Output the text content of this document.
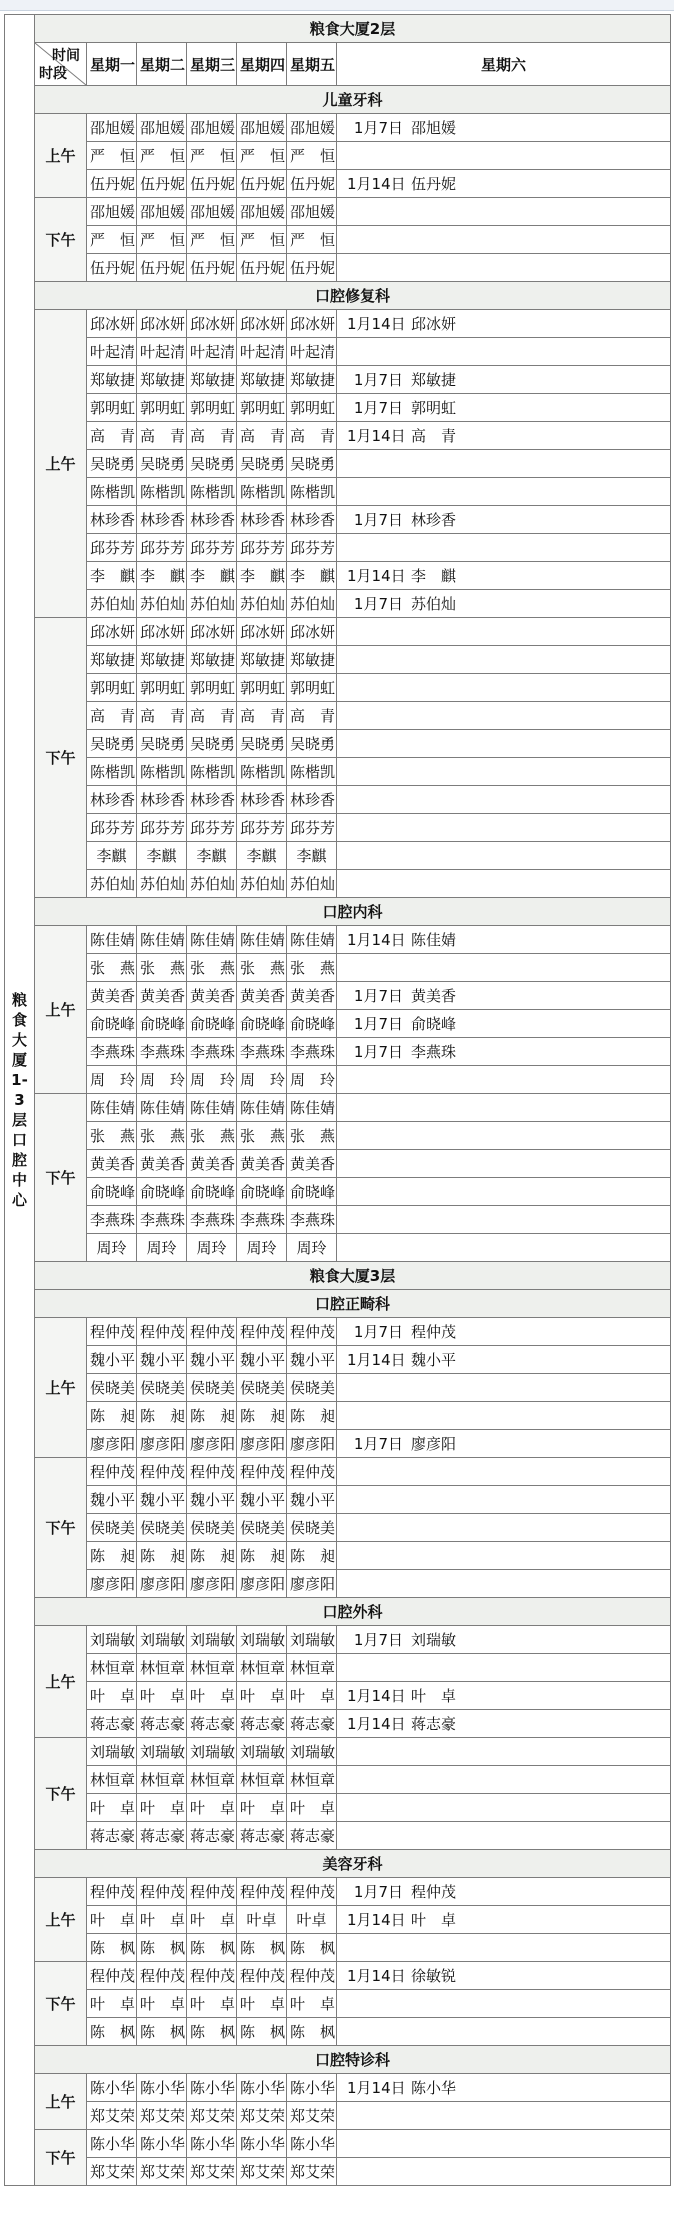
粮食大厦1-3层口腔中心	粮食大厦2层						

	时间
时段	星期一	星期二	星期三	星期四	星期五	星期六
	儿童牙科						
	上午	邵旭媛	邵旭媛	邵旭媛	邵旭媛	邵旭媛	1月7日 邵旭媛
		严　恒	严　恒	严　恒	严　恒	严　恒	
		伍丹妮	伍丹妮	伍丹妮	伍丹妮	伍丹妮	1月14日 伍丹妮
	下午	邵旭媛	邵旭媛	邵旭媛	邵旭媛	邵旭媛	
		严　恒	严　恒	严　恒	严　恒	严　恒	
		伍丹妮	伍丹妮	伍丹妮	伍丹妮	伍丹妮	
	口腔修复科						
	上午	邱冰妍	邱冰妍	邱冰妍	邱冰妍	邱冰妍	1月14日 邱冰妍
		叶起清	叶起清	叶起清	叶起清	叶起清	
		郑敏捷	郑敏捷	郑敏捷	郑敏捷	郑敏捷	1月7日 郑敏捷
		郭明虹	郭明虹	郭明虹	郭明虹	郭明虹	1月7日 郭明虹
		高　青	高　青	高　青	高　青	高　青	1月14日 高　青
		吴晓勇	吴晓勇	吴晓勇	吴晓勇	吴晓勇	
		陈楷凯	陈楷凯	陈楷凯	陈楷凯	陈楷凯	
		林珍香	林珍香	林珍香	林珍香	林珍香	1月7日 林珍香
		邱芬芳	邱芬芳	邱芬芳	邱芬芳	邱芬芳	
		李　麒	李　麒	李　麒	李　麒	李　麒	1月14日 李　麒
		苏伯灿	苏伯灿	苏伯灿	苏伯灿	苏伯灿	1月7日 苏伯灿
	下午	邱冰妍	邱冰妍	邱冰妍	邱冰妍	邱冰妍	
		郑敏捷	郑敏捷	郑敏捷	郑敏捷	郑敏捷	
		郭明虹	郭明虹	郭明虹	郭明虹	郭明虹	
		高　青	高　青	高　青	高　青	高　青	
		吴晓勇	吴晓勇	吴晓勇	吴晓勇	吴晓勇	
		陈楷凯	陈楷凯	陈楷凯	陈楷凯	陈楷凯	
		林珍香	林珍香	林珍香	林珍香	林珍香	
		邱芬芳	邱芬芳	邱芬芳	邱芬芳	邱芬芳	
		李麒	李麒	李麒	李麒	李麒	
		苏伯灿	苏伯灿	苏伯灿	苏伯灿	苏伯灿	
	口腔内科						
	上午	陈佳婧	陈佳婧	陈佳婧	陈佳婧	陈佳婧	1月14日 陈佳婧
		张　燕	张　燕	张　燕	张　燕	张　燕	
		黄美香	黄美香	黄美香	黄美香	黄美香	1月7日 黄美香
		俞晓峰	俞晓峰	俞晓峰	俞晓峰	俞晓峰	1月7日 俞晓峰
		李燕珠	李燕珠	李燕珠	李燕珠	李燕珠	1月7日 李燕珠
		周　玲	周　玲	周　玲	周　玲	周　玲	
	下午	陈佳婧	陈佳婧	陈佳婧	陈佳婧	陈佳婧	
		张　燕	张　燕	张　燕	张　燕	张　燕	
		黄美香	黄美香	黄美香	黄美香	黄美香	
		俞晓峰	俞晓峰	俞晓峰	俞晓峰	俞晓峰	
		李燕珠	李燕珠	李燕珠	李燕珠	李燕珠	
		周玲	周玲	周玲	周玲	周玲	
	粮食大厦3层						
	口腔正畸科						
	上午	程仲茂	程仲茂	程仲茂	程仲茂	程仲茂	1月7日 程仲茂
		魏小平	魏小平	魏小平	魏小平	魏小平	1月14日 魏小平
		侯晓美	侯晓美	侯晓美	侯晓美	侯晓美	
		陈　昶	陈　昶	陈　昶	陈　昶	陈　昶	
		廖彦阳	廖彦阳	廖彦阳	廖彦阳	廖彦阳	1月7日 廖彦阳
	下午	程仲茂	程仲茂	程仲茂	程仲茂	程仲茂	
		魏小平	魏小平	魏小平	魏小平	魏小平	
		侯晓美	侯晓美	侯晓美	侯晓美	侯晓美	
		陈　昶	陈　昶	陈　昶	陈　昶	陈　昶	
		廖彦阳	廖彦阳	廖彦阳	廖彦阳	廖彦阳	
	口腔外科						
	上午	刘瑞敏	刘瑞敏	刘瑞敏	刘瑞敏	刘瑞敏	1月7日 刘瑞敏
		林恒章	林恒章	林恒章	林恒章	林恒章	
		叶　卓	叶　卓	叶　卓	叶　卓	叶　卓	1月14日 叶　卓
		蒋志豪	蒋志豪	蒋志豪	蒋志豪	蒋志豪	1月14日 蒋志豪
	下午	刘瑞敏	刘瑞敏	刘瑞敏	刘瑞敏	刘瑞敏	
		林恒章	林恒章	林恒章	林恒章	林恒章	
		叶　卓	叶　卓	叶　卓	叶　卓	叶　卓	
		蒋志豪	蒋志豪	蒋志豪	蒋志豪	蒋志豪	
	美容牙科						
	上午	程仲茂	程仲茂	程仲茂	程仲茂	程仲茂	1月7日 程仲茂
		叶　卓	叶　卓	叶　卓	叶卓	叶卓	1月14日 叶　卓
		陈　枫	陈　枫	陈　枫	陈　枫	陈　枫	
	下午	程仲茂	程仲茂	程仲茂	程仲茂	程仲茂	1月14日 徐敏锐
		叶　卓	叶　卓	叶　卓	叶　卓	叶　卓	
		陈　枫	陈　枫	陈　枫	陈　枫	陈　枫	
	口腔特诊科						
	上午	陈小华	陈小华	陈小华	陈小华	陈小华	1月14日 陈小华
		郑艾荣	郑艾荣	郑艾荣	郑艾荣	郑艾荣	
	下午	陈小华	陈小华	陈小华	陈小华	陈小华	
		郑艾荣	郑艾荣	郑艾荣	郑艾荣	郑艾荣	
